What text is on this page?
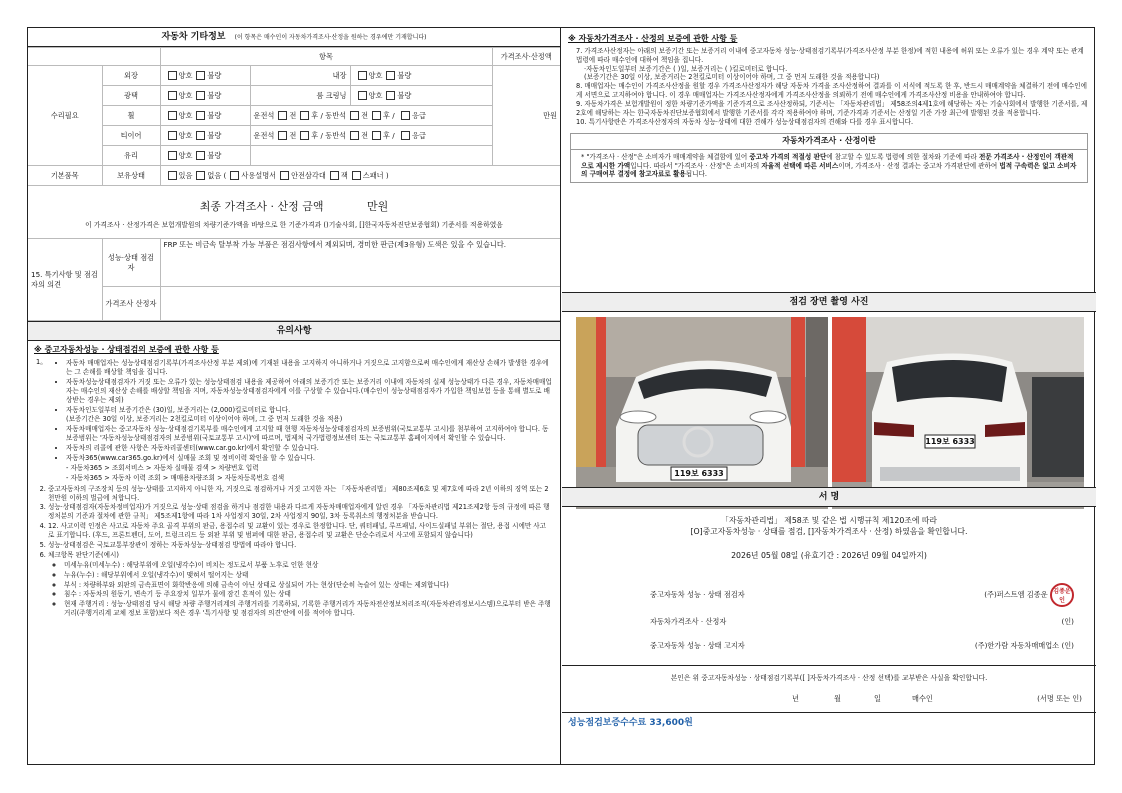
자동차 기타정보 (이 항목은 매수인이 자동차가격조사·산정을 원하는 경우에만 기재합니다)
		항목			가격조사·산정액
수리필요	외장	양호 불량	내장	양호 불량	만원
	광택	양호 불량	룸 크링닝	양호 불량	
	휠	양호 불량	운전석 전 후 / 동반석 전 후 / 응급		
	티이어	양호 불량	운전석 전 후 / 동반석 전 후 / 응급		
	유리	양호 불량			
기본품목	보유상태	있음 없음 ( 사용설명서 안전삼각대 잭 스패너 )			
최종 가격조사 · 산정 금액	만원
이 가격조사 · 산정가격은 보험개발원의 차량기준가액을 바탕으로 한 기준가격과 ()기술사회, []한국자동차진단보증협회) 기준서를 적용하였음
15. 특기사항 및 점검자의 의견	성능·상태 점검자	FRP 또는 비금속 탈부착 가능 부품은 점검사항에서 제외되며, 경미한 판금(제3유형) 도색은 있을 수 있습니다.
	가격조사 산정자	
유의사항
※ 중고자동차성능 · 상태점검의 보증에 관한 사항 등
1。	• 자동차 매매업자는 성능상태점검기록부(가격조사산정 부분 제외)에 기재된 내용을 고지하지 아니하거나 거짓으로 고지함으로써 매수인에게 재산상 손해가 발생한 경우에는 그 손해를 배상할 책임을 집니다.
• 자동차성능상태점검자가 거짓 또는 오류가 있는 성능상태점검 내용을 제공하여 아래의 보증기간 또는 보증거리 이내에 자동차의 실제 성능상태가 다른 경우, 자동차매매업자는 매수인의 재산상 손해를 배상할 책임을 지며, 자동차성능상태점검자에게 이를 구상할 수 있습니다.(매수인이 성능상태점검자가 가입한 책임보험 등을 통해 별도로 배상받는 경우는 제외)
• 자동차인도일부터 보증기간은 (30)일, 보증거리는 (2,000)킬로미터로 합니다.
(보증기간은 30일 이상, 보증거리는 2천킬로미터 이상이어야 하며, 그 중 먼저 도래한 것을 적용)
• 자동차매매업자는 중고자동차 성능·상태점검기록부를 매수인에게 고지할 때 현행 자동차성능상태점검자의 보증범위(국토교통부 고시)를 첨부하여 고지하여야 합니다. 동 보증범위는 '자동차성능상태점검자의 보증범위(국토교통부 고시)'에 따르며, 법제처 국가법령정보센터 또는 국토교통부 홈페이지에서 확인할 수 있습니다.
• 자동차의 리콜에 관한 사항은 자동차리콜센터(www.car.go.kr)에서 확인할 수 있습니다.
• 자동차365(www.car365.go.kr)에서 실매물 조회 및 정비이력 확인을 할 수 있습니다.
- 자동차365 > 조회서비스 > 자동차 실매물 검색 > 차량번호 입력
- 자동차365 > 자동차 이력 조회 > 매매용차량조회 > 자동차등록번호 검색
2. 중고자동차의 구조장치 등의 성능·상태를 고지하지 아니한 자, 거짓으로 점검하거나 거짓 고지한 자는 「자동차관리법」 제80조제6호 및 제7호에 따라 2년 이하의 징역 또는 2천만원 이하의 벌금에 처합니다.
3. 성능·상태점검자(자동차정비업자)가 거짓으로 성능·상태 점검을 하거나 점검한 내용과 다르게 자동차매매업자에게 알린 경우 「자동차관리법 제21조제2항 등의 규정에 따른 행정처분의 기준과 절차에 관한 규칙」 제5조제1항에 따라 1차 사업정지 30일, 2차 사업정지 90일, 3차 등록취소의 행정처분을 받습니다.
4. 12. 사고이력 인정은 사고로 자동차 주요 골격 부위의 판금, 용접수리 및 교환이 있는 경우로 한정합니다. 단, 쿼터패널, 루프패널, 사이드실패널 부위는 절단, 용접 시에만 사고로 표기합니다. (후드, 프론트펜더, 도어, 트렁크리드 등 외판 부위 및 범퍼에 대한 판금, 용접수리 및 교환은 단순수리로서 사고에 포함되지 않습니다)
5. 성능·상태점검은 국토교통부장관이 정하는 자동차성능·상태점검 방법에 따라야 합니다.
6. 체크항목 판단기준(예시)
◦ 미세누유(미세누수) : 해당부위에 오일(냉각수)이 비치는 정도로서 부품 노후로 인한 현상
◦ 누유(누수) : 해당부위에서 오일(냉각수)이 맺혀서 떨어지는 상태
◦ 부식 : 차량하부와 외판의 금속표면이 화학반응에 의해 금속이 아닌 상태로 상실되어 가는 현상(단순히 녹슬어 있는 상태는 제외합니다)
◦ 침수 : 자동차의 원동기, 변속기 등 주요장치 일부가 물에 잠긴 흔적이 있는 상태
◦ 현재 주행거리 : 성능·상태점검 당시 해당 차량 주행거리계의 주행거리를 기록하되, 기록한 주행거리가 자동차전산정보처리조직(자동차관리정보시스템)으로부터 받은 주행거리(주행거리계 교체 정보 포함)보다 적은 경우 '특기사항 및 점검자의 의견'란에 이를 적어야 합니다.
※ 자동차가격조사 · 산정의 보증에 관한 사항 등
7. 가격조사산정자는 아래의 보증기간 또는 보증거리 이내에 중고자동차 성능·상태점검기록부(가격조사산정 부분 한정)에 적힌 내용에 허위 또는 오류가 있는 경우 계약 또는 관계법령에 따라 매수인에 대하여 책임을 집니다.
·자동차인도일부터 보증기간은 ( )일, 보증거리는 ( )킬로미터로 합니다.
(보증기간은 30일 이상, 보증거리는 2천킬로미터 이상이어야 하며, 그 중 먼저 도래한 것을 적용합니다)
8. 매매업자는 매수인이 가격조사산정을 원할 경우 가격조사산정자가 해당 자동차 가격을 조사산정하여 결과를 이 서식에 적도록 한 후, 반드시 매매계약을 체결하기 전에 매수인에게 서면으로 고지하여야 합니다. 이 경우 매매업자는 가격조사산정자에게 가격조사산정을 의뢰하기 전에 매수인에게 가격조사산정 비용을 안내하여야 합니다.
9. 자동차가격은 보험개발원이 정한 차량기준가액을 기준가격으로 조사산정하되, 기준서는 「자동차관리법」 제58조의4제1호에 해당하는 자는 기술사회에서 발행한 기준서를, 제2호에 해당하는 자는 한국자동차진단보증협회에서 발행한 기준서를 각각 적용하여야 하며, 기준가격과 기준서는 산정일 기준 가장 최근에 발행된 것을 적용합니다.
10. 특기사항란은 가격조사산정자의 자동차 성능·상태에 대한 견해가 성능상태점검자의 견해와 다를 경우 표시합니다.
자동차가격조사 · 산정이란
* "가격조사 · 산정"은 소비자가 매매계약을 체결함에 있어 중고차 가격의 적절성 판단에 참고할 수 있도록 법령에 의한 절차와 기준에 따라 전문 가격조사 · 산정인이 객관적으로 제시한 가액입니다. 따라서 "가격조사 · 산정"은 소비자의 자율적 선택에 따른 서비스이며, 가격조사 · 산정 결과는 중고차 가격판단에 관하여 법적 구속력은 없고 소비자의 구매여부 결정에 참고자료로 활용됩니다.
점검 장면 촬영 사진
119보 6333
119보 6333
서 명
「자동차관리법」 제58조 및 같은 법 시행규칙 제120조에 따라
[O]중고자동차성능 · 상태를 점검, []자동차가격조사 · 산정) 하였음을 확인합니다.
2026년 05월 08일 (유효기간 : 2026년 09월 04일까지)
중고자동차 성능 · 상태 점검자	(주)퍼스트엠 김종운 김종운인
자동차가격조사 · 산정자	(인)
중고자동차 성능 · 상태 고지자	(주)한가람 자동차매매업소 (인)
본인은 위 중고자동차성능 · 상태점검기록부([ ]자동차가격조사 · 산정 선택)를 교부받은 사실을 확인합니다.
년	월	일	매수인	(서명 또는 인)
성능점검보증수수료 33,600원
